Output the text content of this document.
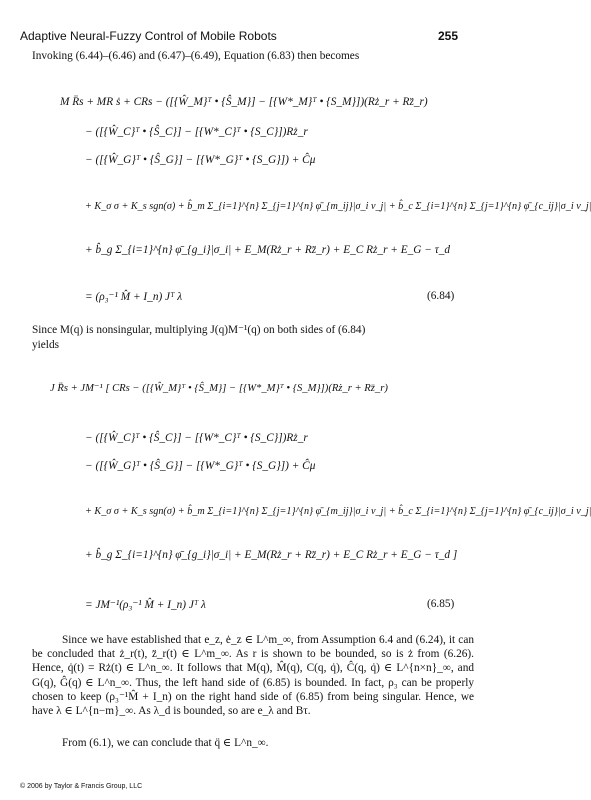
Adaptive Neural-Fuzzy Control of Mobile Robots	255
Invoking (6.44)–(6.46) and (6.47)–(6.49), Equation (6.83) then becomes
M R̈s + MR ṡ + CRs − ([{Ŵ_M}ᵀ • {Ŝ_M}] − [{W*_M}ᵀ • {S_M}])(Rż_r + Rz̈_r)
− ([{Ŵ_C}ᵀ • {Ŝ_C}] − [{W*_C}ᵀ • {S_C}])Rż_r
− ([{Ŵ_G}ᵀ • {Ŝ_G}] − [{W*_G}ᵀ • {S_G}]) + Ĉμ
+ K_σ σ + K_s sgn(σ) + b̂_m Σ_{i=1}^{n} Σ_{j=1}^{n} φ̄_{m_ij}|σ_i ν_j| + b̂_c Σ_{i=1}^{n} Σ_{j=1}^{n} φ̄_{c_ij}|σ_i ν_j|
+ b̂_g Σ_{i=1}^{n} φ̄_{g_i}|σ_i| + E_M(Rż_r + Rz̈_r) + E_C Rż_r + E_G − τ_d
= (ρ₃⁻¹ M̂ + I_n) Jᵀ λ	(6.84)
Since M(q) is nonsingular, multiplying J(q)M⁻¹(q) on both sides of (6.84)
yields
J R̈s + JM⁻¹ [ CRs − ([{Ŵ_M}ᵀ • {Ŝ_M}] − [{W*_M}ᵀ • {S_M}])(Rż_r + Rz̈_r)
− ([{Ŵ_C}ᵀ • {Ŝ_C}] − [{W*_C}ᵀ • {S_C}])Rż_r
− ([{Ŵ_G}ᵀ • {Ŝ_G}] − [{W*_G}ᵀ • {S_G}]) + Ĉμ
+ K_σ σ + K_s sgn(σ) + b̂_m Σ_{i=1}^{n} Σ_{j=1}^{n} φ̄_{m_ij}|σ_i ν_j| + b̂_c Σ_{i=1}^{n} Σ_{j=1}^{n} φ̄_{c_ij}|σ_i ν_j|
+ b̂_g Σ_{i=1}^{n} φ̄_{g_i}|σ_i| + E_M(Rż_r + Rz̈_r) + E_C Rż_r + E_G − τ_d ]
= JM⁻¹(ρ₃⁻¹ M̂ + I_n) Jᵀ λ	(6.85)
Since we have established that e_z, ė_z ∈ L^m_∞, from Assumption 6.4 and (6.24), it can be concluded that ż_r(t), z̈_r(t) ∈ L^m_∞. As r is shown to be bounded, so is ż from (6.26). Hence, q̇(t) = Rż(t) ∈ L^n_∞. It follows that M(q), M̂(q), C(q, q̇), Ĉ(q, q̇) ∈ L^{n×n}_∞, and G(q), Ĝ(q) ∈ L^n_∞. Thus, the left hand side of (6.85) is bounded. In fact, ρ₃ can be properly chosen to keep (ρ₃⁻¹M̂ + I_n) on the right hand side of (6.85) from being singular. Hence, we have λ ∈ L^{n−m}_∞. As λ_d is bounded, so are e_λ and Bτ.
From (6.1), we can conclude that q̈ ∈ L^n_∞.
© 2006 by Taylor & Francis Group, LLC
